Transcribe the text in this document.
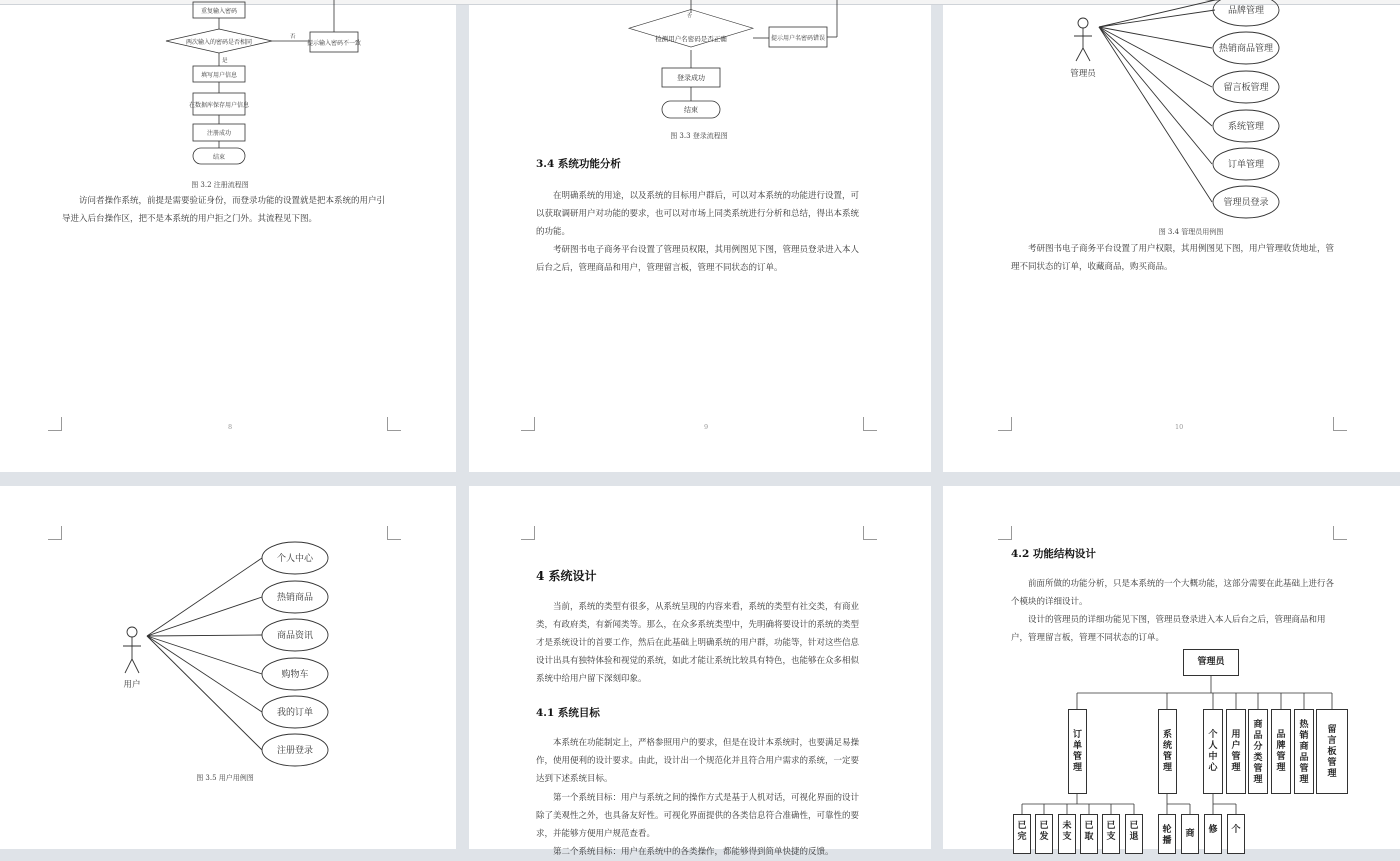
重复输入密码
两次输入的密码是否相同	提示输入密码不一致
填写用户信息
在数据库保存用户信息
注册成功
结束
否
是
图 3.2 注册流程图
访问者操作系统，前提是需要验证身份，而登录功能的设置就是把本系统的用户引导进入后台操作区，把不是本系统的用户拒之门外。其流程见下图。
8
检测用户名密码是否正确	提示用户名密码错误
登录成功
结束
否
图 3.3 登录流程图
3.4 系统功能分析
在明确系统的用途，以及系统的目标用户群后，可以对本系统的功能进行设置，可以获取调研用户对功能的要求，也可以对市场上同类系统进行分析和总结，得出本系统的功能。
考研图书电子商务平台设置了管理员权限，其用例图见下图，管理员登录进入本人后台之后，管理商品和用户，管理留言板，管理不同状态的订单。
9
管理员
品牌管理
热销商品管理
留言板管理
系统管理
订单管理
管理员登录
图 3.4 管理员用例图
考研图书电子商务平台设置了用户权限，其用例图见下图，用户管理收货地址，管理不同状态的订单，收藏商品，购买商品。
10
用户
个人中心
热销商品
商品资讯
购物车
我的订单
注册登录
图 3.5 用户用例图
4 系统设计
当前，系统的类型有很多，从系统呈现的内容来看，系统的类型有社交类，有商业类，有政府类，有新闻类等。那么，在众多系统类型中，先明确将要设计的系统的类型才是系统设计的首要工作，然后在此基础上明确系统的用户群，功能等，针对这些信息设计出具有独特体验和视觉的系统，如此才能让系统比较具有特色，也能够在众多相似系统中给用户留下深刻印象。
4.1 系统目标
本系统在功能制定上，严格参照用户的要求，但是在设计本系统时，也要满足易操作，使用便利的设计要求。由此，设计出一个规范化并且符合用户需求的系统，一定要达到下述系统目标。
第一个系统目标：用户与系统之间的操作方式是基于人机对话，可视化界面的设计除了美观性之外，也具备友好性。可视化界面提供的各类信息符合准确性，可靠性的要求，并能够方便用户规范查看。
第二个系统目标：用户在系统中的各类操作，都能够得到简单快捷的反馈。
4.2 功能结构设计
前面所做的功能分析，只是本系统的一个大概功能，这部分需要在此基础上进行各个模块的详细设计。
设计的管理员的详细功能见下图，管理员登录进入本人后台之后，管理商品和用户，管理留言板，管理不同状态的订单。
管理员
订单管理
系统管理
个人中心
用户管理
商品分类管理
品牌管理
热销商品管理
留言板管理
已完
已发
未支
已取
已支
已退
轮播
商 修 个
